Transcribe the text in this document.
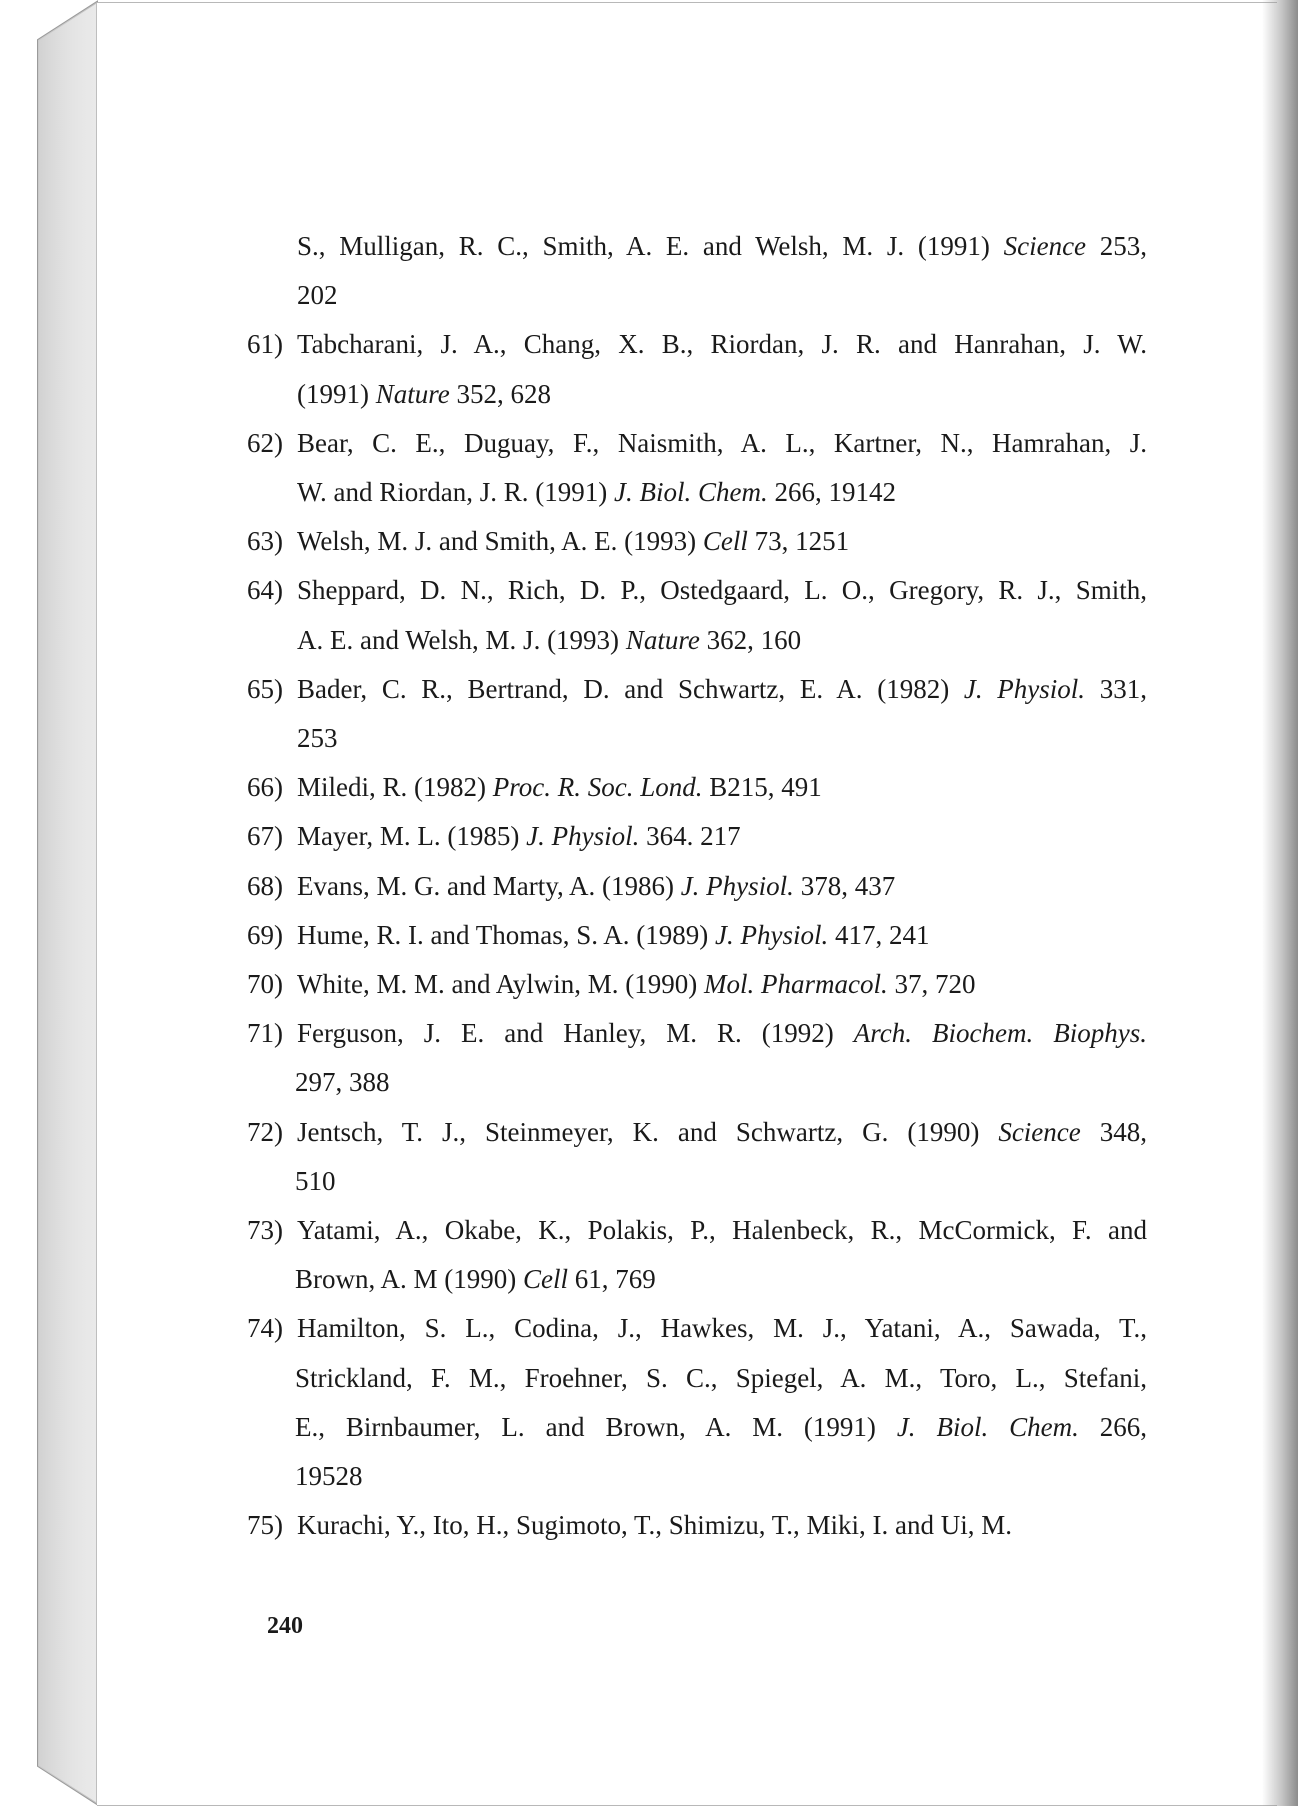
S., Mulligan, R. C., Smith, A. E. and Welsh, M. J. (1991) Science 253,
202
61) Tabcharani, J. A., Chang, X. B., Riordan, J. R. and Hanrahan, J. W.
(1991) Nature 352, 628
62) Bear, C. E., Duguay, F., Naismith, A. L., Kartner, N., Hamrahan, J.
W. and Riordan, J. R. (1991) J. Biol. Chem. 266, 19142
63) Welsh, M. J. and Smith, A. E. (1993) Cell 73, 1251
64) Sheppard, D. N., Rich, D. P., Ostedgaard, L. O., Gregory, R. J., Smith,
A. E. and Welsh, M. J. (1993) Nature 362, 160
65) Bader, C. R., Bertrand, D. and Schwartz, E. A. (1982) J. Physiol. 331,
253
66) Miledi, R. (1982) Proc. R. Soc. Lond. B215, 491
67) Mayer, M. L. (1985) J. Physiol. 364. 217
68) Evans, M. G. and Marty, A. (1986) J. Physiol. 378, 437
69) Hume, R. I. and Thomas, S. A. (1989) J. Physiol. 417, 241
70) White, M. M. and Aylwin, M. (1990) Mol. Pharmacol. 37, 720
71) Ferguson, J. E. and Hanley, M. R. (1992) Arch. Biochem. Biophys.
297, 388
72) Jentsch, T. J., Steinmeyer, K. and Schwartz, G. (1990) Science 348,
510
73) Yatami, A., Okabe, K., Polakis, P., Halenbeck, R., McCormick, F. and
Brown, A. M (1990) Cell 61, 769
74) Hamilton, S. L., Codina, J., Hawkes, M. J., Yatani, A., Sawada, T.,
Strickland, F. M., Froehner, S. C., Spiegel, A. M., Toro, L., Stefani,
E., Birnbaumer, L. and Brown, A. M. (1991) J. Biol. Chem. 266,
19528
75) Kurachi, Y., Ito, H., Sugimoto, T., Shimizu, T., Miki, I. and Ui, M.
240
